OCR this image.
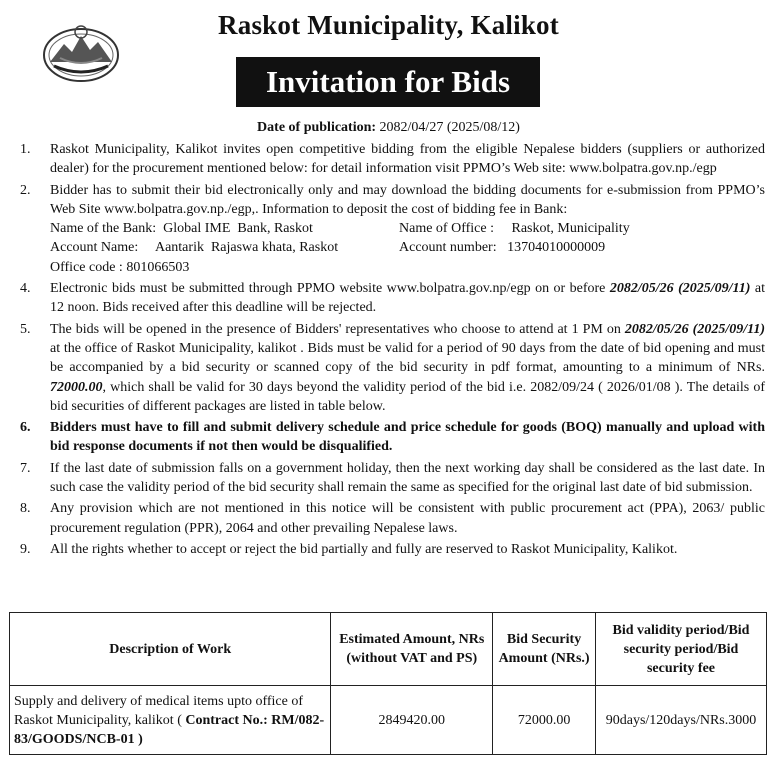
Raskot Municipality, Kalikot
Invitation for Bids
Date of publication: 2082/04/27 (2025/08/12)
1.	Raskot Municipality, Kalikot invites open competitive bidding from the eligible Nepalese bidders (suppliers or authorized dealer) for the procurement mentioned below: for detail information visit PPMO’s Web site: www.bolpatra.gov.np./egp
2.	Bidder has to submit their bid electronically only and may download the bidding documents for e-submission from PPMO’s Web Site www.bolpatra.gov.np./egp,. Information to deposit the cost of bidding fee in Bank:
Name of the Bank:  Global IME  Bank, Raskot	Name of Office :     Raskot, Municipality
Account Name:     Aantarik  Rajaswa khata, Raskot	Account number:   13704010000009
Office code : 801066503
4.	Electronic bids must be submitted through PPMO website www.bolpatra.gov.np/egp on or before 2082/05/26 (2025/09/11) at 12 noon. Bids received after this deadline will be rejected.
5.	The bids will be opened in the presence of Bidders' representatives who choose to attend at 1 PM on 2082/05/26 (2025/09/11) at the office of Raskot Municipality, kalikot . Bids must be valid for a period of 90 days from the date of bid opening and must be accompanied by a bid security or scanned copy of the bid security in pdf format, amounting to a minimum of NRs. 72000.00, which shall be valid for 30 days beyond the validity period of the bid i.e. 2082/09/24 ( 2026/01/08 ). The details of bid securities of different packages are listed in table below.
6.	Bidders must have to fill and submit delivery schedule and price schedule for goods (BOQ) manually and upload with bid response documents if not then would be disqualified.
7.	If the last date of submission falls on a government holiday, then the next working day shall be considered as the last date. In such case the validity period of the bid security shall remain the same as specified for the original last date of bid submission.
8.	Any provision which are not mentioned in this notice will be consistent with public procurement act (PPA), 2063/ public procurement regulation (PPR), 2064 and other prevailing Nepalese laws.
9.	All the rights whether to accept or reject the bid partially and fully are reserved to Raskot Municipality, Kalikot.
Description of Work	Estimated Amount, NRs (without VAT and PS)	Bid Security Amount (NRs.)	Bid validity period/Bid security period/Bid security fee
Supply and delivery of medical items upto office of Raskot Municipality, kalikot ( Contract No.: RM/082-83/GOODS/NCB-01 )	2849420.00	72000.00	90days/120days/NRs.3000
